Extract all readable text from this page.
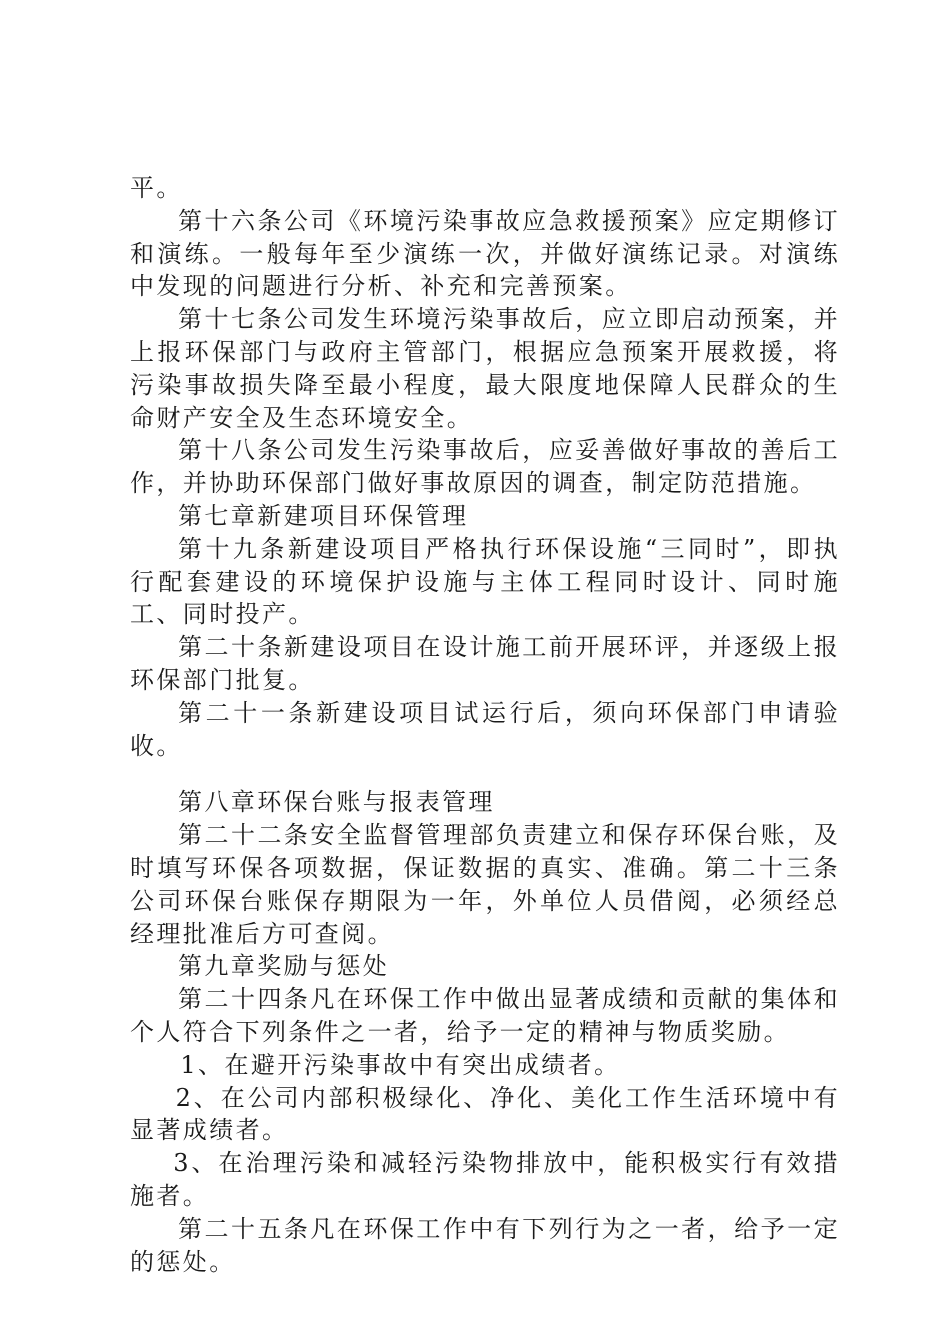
平。

第十六条公司《环境污染事故应急救援预案》应定期修订和演练。一般每年至少演练一次，并做好演练记录。对演练中发现的问题进行分析、补充和完善预案。

第十七条公司发生环境污染事故后，应立即启动预案，并上报环保部门与政府主管部门，根据应急预案开展救援，将污染事故损失降至最小程度，最大限度地保障人民群众的生命财产安全及生态环境安全。

第十八条公司发生污染事故后，应妥善做好事故的善后工作，并协助环保部门做好事故原因的调查，制定防范措施。

第七章新建项目环保管理

第十九条新建设项目严格执行环保设施“三同时”，即执行配套建设的环境保护设施与主体工程同时设计、同时施工、同时投产。

第二十条新建设项目在设计施工前开展环评，并逐级上报环保部门批复。

第二十一条新建设项目试运行后，须向环保部门申请验收。

第八章环保台账与报表管理

第二十二条安全监督管理部负责建立和保存环保台账，及时填写环保各项数据，保证数据的真实、准确。第二十三条公司环保台账保存期限为一年，外单位人员借阅，必须经总经理批准后方可查阅。

第九章奖励与惩处

第二十四条凡在环保工作中做出显著成绩和贡献的集体和个人符合下列条件之一者，给予一定的精神与物质奖励。

1、在避开污染事故中有突出成绩者。

2、在公司内部积极绿化、净化、美化工作生活环境中有显著成绩者。

3、在治理污染和减轻污染物排放中，能积极实行有效措施者。

第二十五条凡在环保工作中有下列行为之一者，给予一定的惩处。
